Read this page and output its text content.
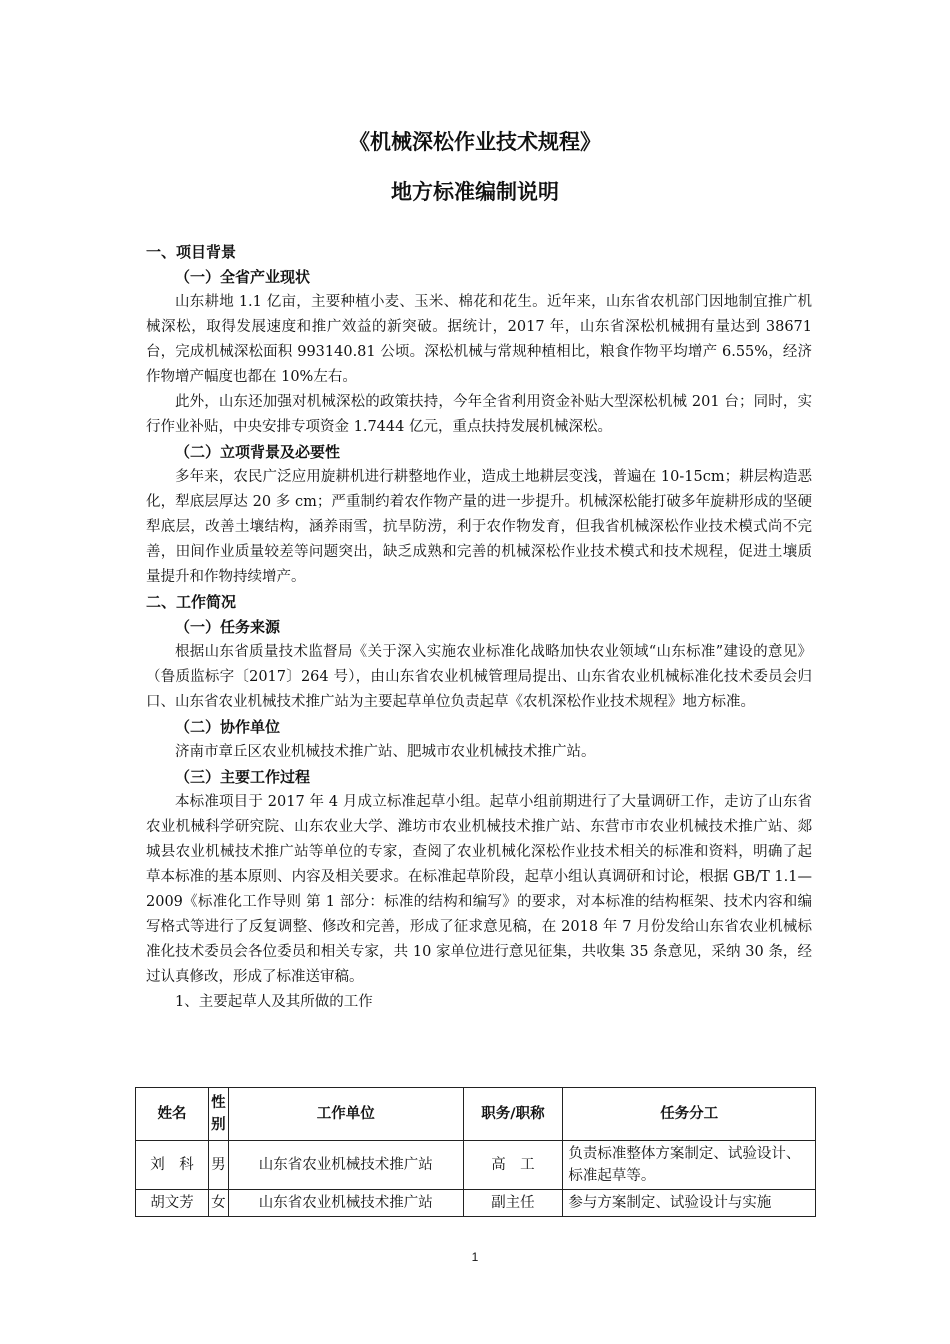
《机械深松作业技术规程》
地方标准编制说明

一、项目背景

（一）全省产业现状

山东耕地 1.1 亿亩，主要种植小麦、玉米、棉花和花生。近年来，山东省农机部门因地制宜推广机械深松，取得发展速度和推广效益的新突破。据统计，2017 年，山东省深松机械拥有量达到 38671 台，完成机械深松面积 993140.81 公顷。深松机械与常规种植相比，粮食作物平均增产 6.55%，经济作物增产幅度也都在 10%左右。

此外，山东还加强对机械深松的政策扶持，今年全省利用资金补贴大型深松机械 201 台；同时，实行作业补贴，中央安排专项资金 1.7444 亿元，重点扶持发展机械深松。

（二）立项背景及必要性

多年来，农民广泛应用旋耕机进行耕整地作业，造成土地耕层变浅，普遍在 10-15cm；耕层构造恶化，犁底层厚达 20 多 cm；严重制约着农作物产量的进一步提升。机械深松能打破多年旋耕形成的坚硬犁底层，改善土壤结构，涵养雨雪，抗旱防涝，利于农作物发育，但我省机械深松作业技术模式尚不完善，田间作业质量较差等问题突出，缺乏成熟和完善的机械深松作业技术模式和技术规程，促进土壤质量提升和作物持续增产。

二、工作简况

（一）任务来源

根据山东省质量技术监督局《关于深入实施农业标准化战略加快农业领域“山东标准”建设的意见》（鲁质监标字〔2017〕264 号），由山东省农业机械管理局提出、山东省农业机械标准化技术委员会归口、山东省农业机械技术推广站为主要起草单位负责起草《农机深松作业技术规程》地方标准。

（二）协作单位

济南市章丘区农业机械技术推广站、肥城市农业机械技术推广站。

（三）主要工作过程

本标准项目于 2017 年 4 月成立标准起草小组。起草小组前期进行了大量调研工作，走访了山东省农业机械科学研究院、山东农业大学、潍坊市农业机械技术推广站、东营市市农业机械技术推广站、郯城县农业机械技术推广站等单位的专家，查阅了农业机械化深松作业技术相关的标准和资料，明确了起草本标准的基本原则、内容及相关要求。在标准起草阶段，起草小组认真调研和讨论，根据 GB/T 1.1—2009《标准化工作导则 第 1 部分：标准的结构和编写》的要求，对本标准的结构框架、技术内容和编写格式等进行了反复调整、修改和完善，形成了征求意见稿，在 2018 年 7 月份发给山东省农业机械标准化技术委员会各位委员和相关专家，共 10 家单位进行意见征集，共收集 35 条意见，采纳 30 条，经过认真修改，形成了标准送审稿。

1、主要起草人及其所做的工作

姓名	性别	工作单位	职务/职称	任务分工
刘　科	男	山东省农业机械技术推广站	高　工	负责标准整体方案制定、试验设计、标准起草等。
胡文芳	女	山东省农业机械技术推广站	副主任	参与方案制定、试验设计与实施
1
